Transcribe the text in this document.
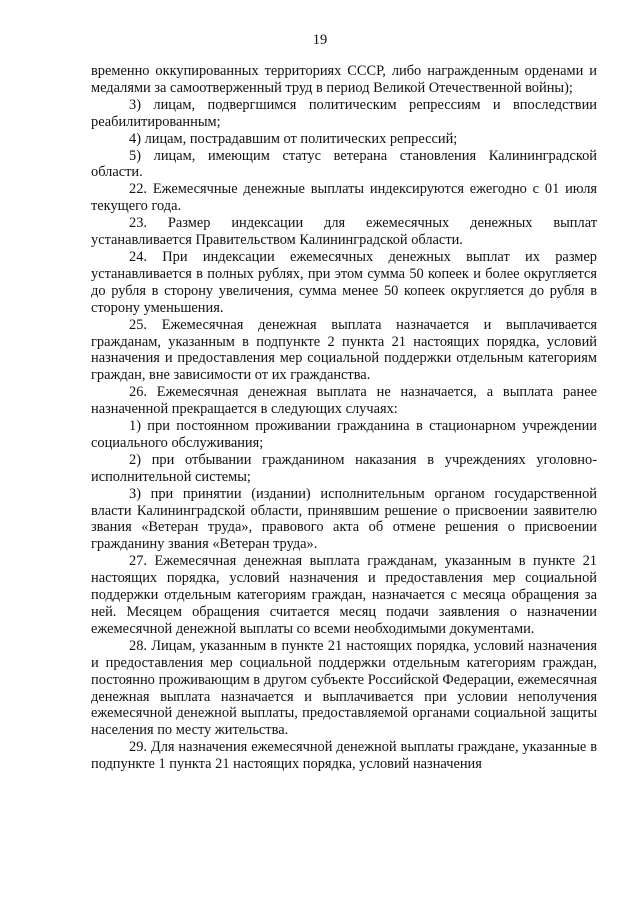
19

временно оккупированных территориях СССР, либо награжденным орденами и медалями за самоотверженный труд в период Великой Отечественной войны);

3) лицам, подвергшимся политическим репрессиям и впоследствии реабилитированным;

4) лицам, пострадавшим от политических репрессий;

5) лицам, имеющим статус ветерана становления Калининградской области.

22. Ежемесячные денежные выплаты индексируются ежегодно с 01 июля текущего года.

23. Размер индексации для ежемесячных денежных выплат устанавливается Правительством Калининградской области.

24. При индексации ежемесячных денежных выплат их размер устанавливается в полных рублях, при этом сумма 50 копеек и более округляется до рубля в сторону увеличения, сумма менее 50 копеек округляется до рубля в сторону уменьшения.

25. Ежемесячная денежная выплата назначается и выплачивается гражданам, указанным в подпункте 2 пункта 21 настоящих порядка, условий назначения и предоставления мер социальной поддержки отдельным категориям граждан, вне зависимости от их гражданства.

26. Ежемесячная денежная выплата не назначается, а выплата ранее назначенной прекращается в следующих случаях:

1) при постоянном проживании гражданина в стационарном учреждении социального обслуживания;

2) при отбывании гражданином наказания в учреждениях уголовно-исполнительной системы;

3) при принятии (издании) исполнительным органом государственной власти Калининградской области, принявшим решение о присвоении заявителю звания «Ветеран труда», правового акта об отмене решения о присвоении гражданину звания «Ветеран труда».

27. Ежемесячная денежная выплата гражданам, указанным в пункте 21 настоящих порядка, условий назначения и предоставления мер социальной поддержки отдельным категориям граждан, назначается с месяца обращения за ней. Месяцем обращения считается месяц подачи заявления о назначении ежемесячной денежной выплаты со всеми необходимыми документами.

28. Лицам, указанным в пункте 21 настоящих порядка, условий назначения и предоставления мер социальной поддержки отдельным категориям граждан, постоянно проживающим в другом субъекте Российской Федерации, ежемесячная денежная выплата назначается и выплачивается при условии неполучения ежемесячной денежной выплаты, предоставляемой органами социальной защиты населения по месту жительства.

29. Для назначения ежемесячной денежной выплаты граждане, указанные в подпункте 1 пункта 21 настоящих порядка, условий назначения
